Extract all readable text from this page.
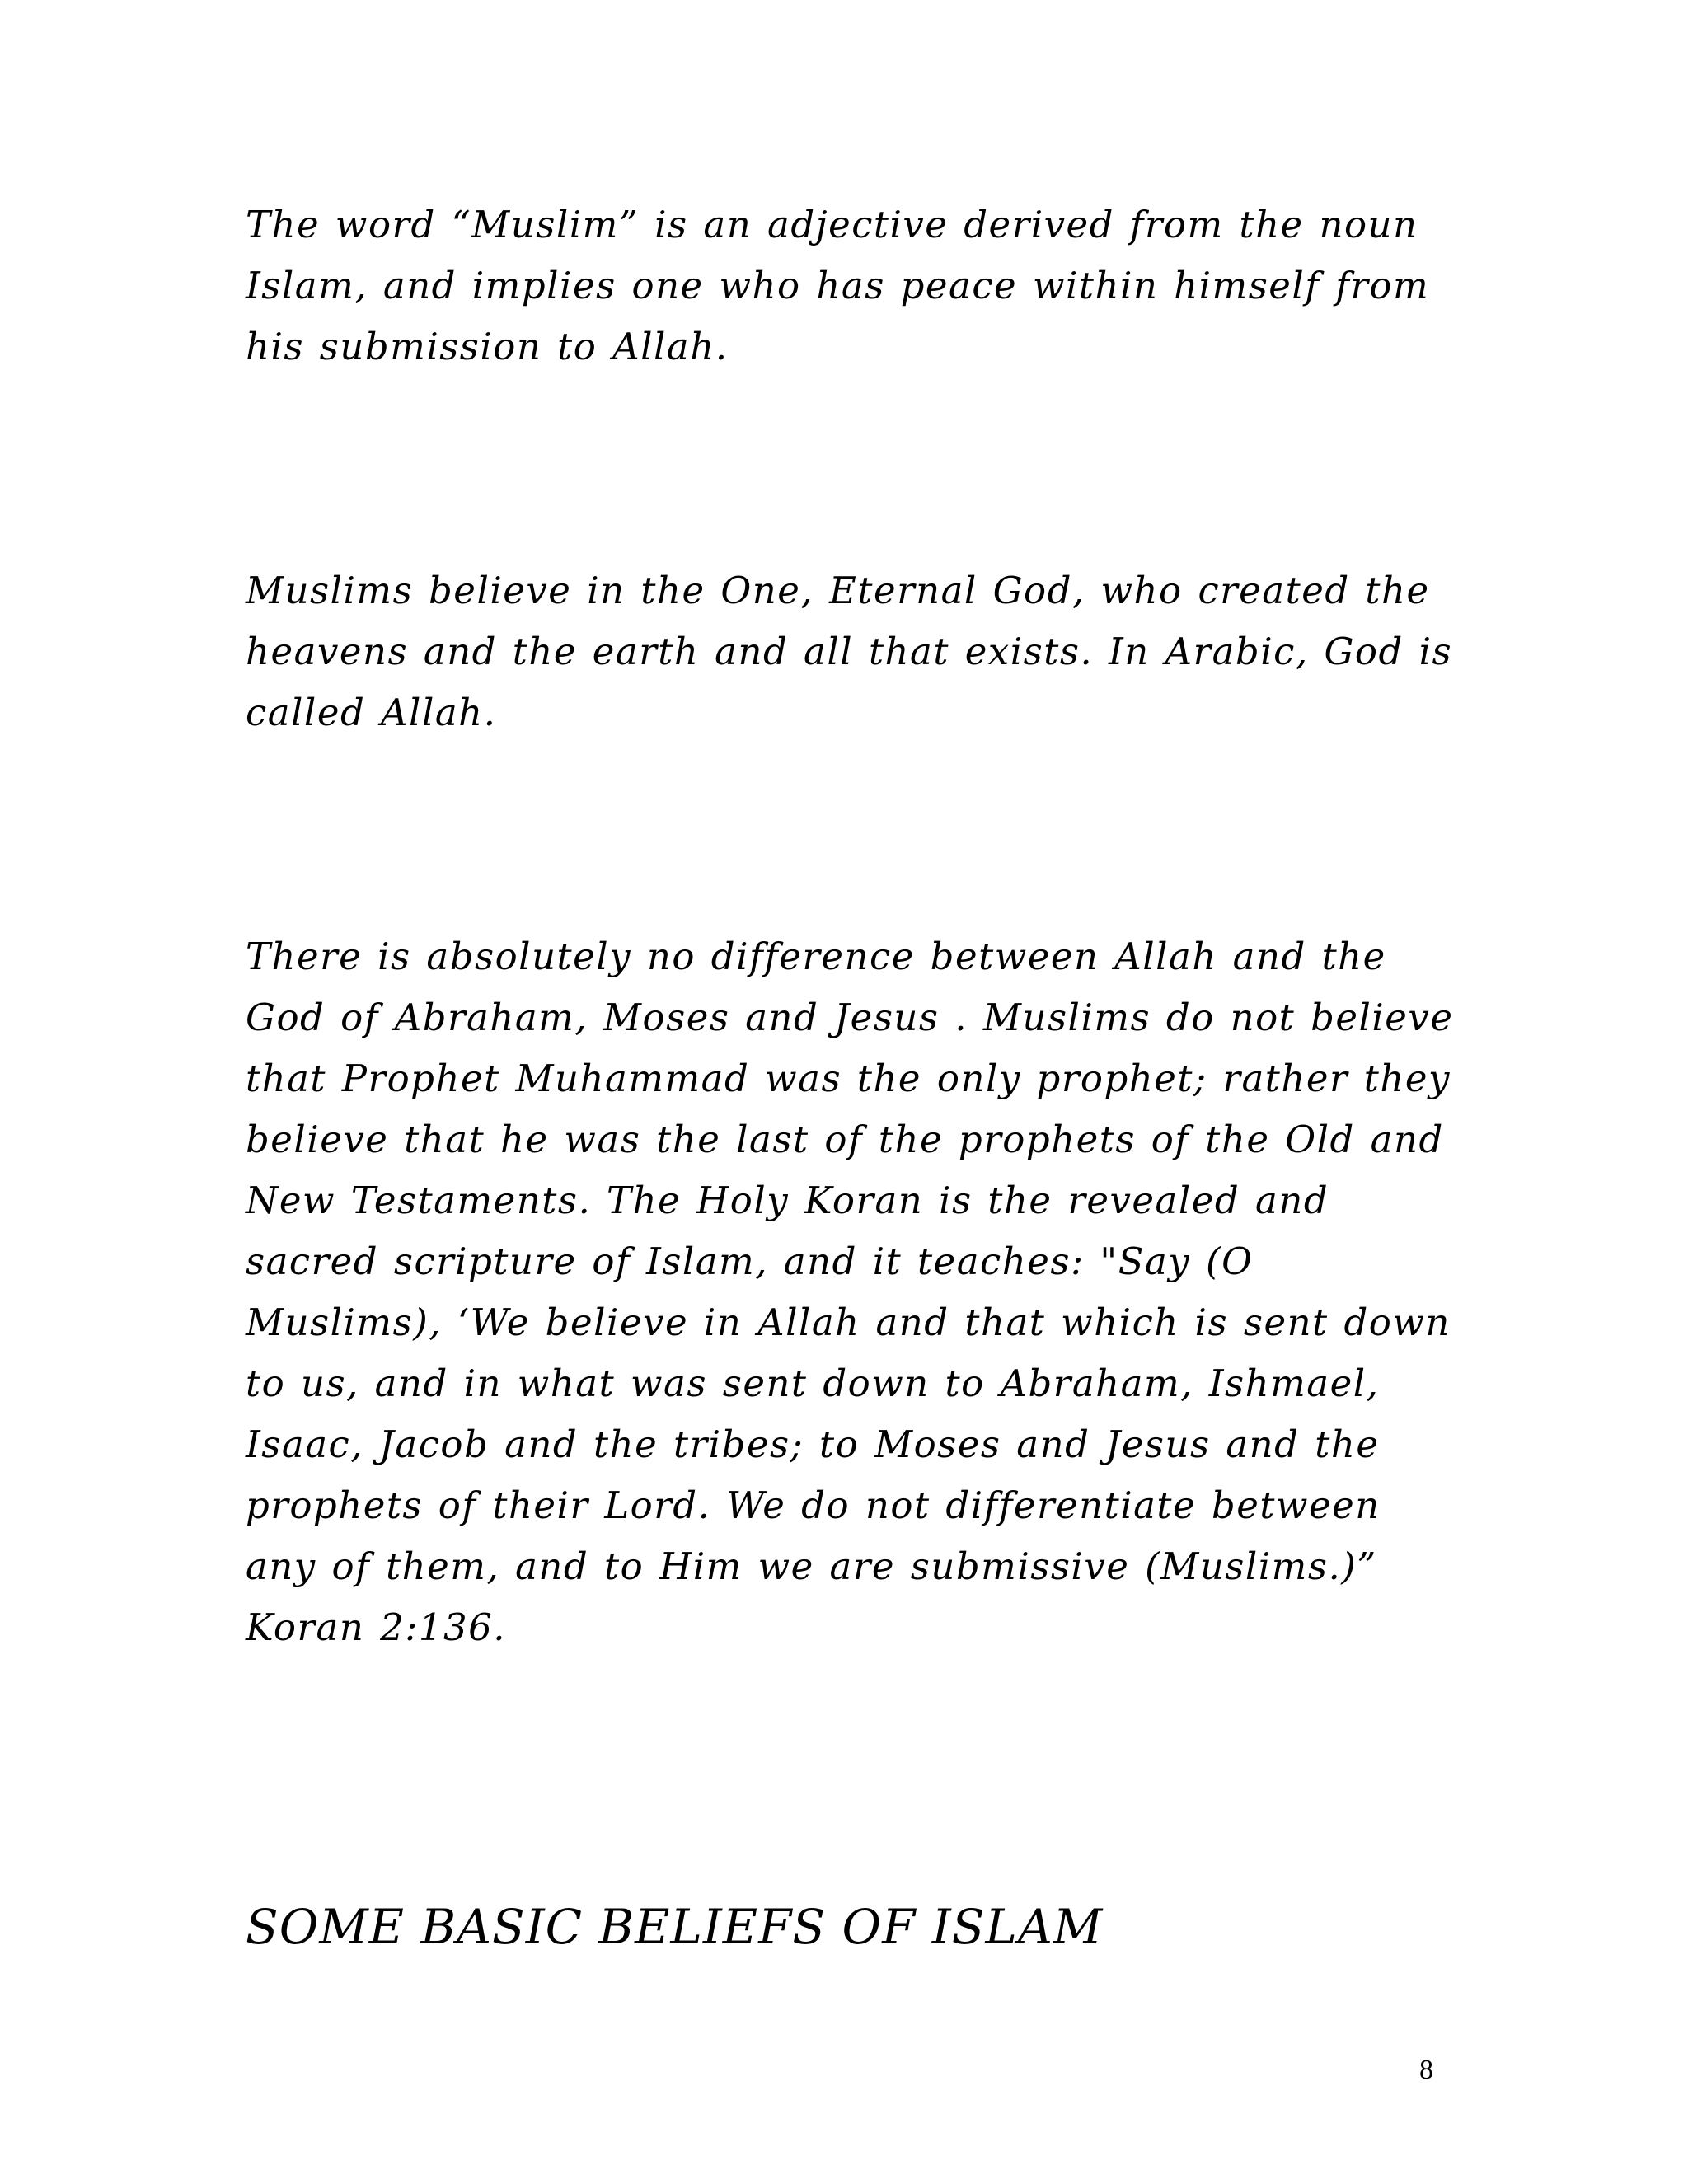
The word “Muslim” is an adjective derived from the noun Islam, and implies one who has peace within himself from his submission to Allah.

Muslims believe in the One, Eternal God, who created the heavens and the earth and all that exists. In Arabic, God is called Allah.

There is absolutely no difference between Allah and the God of Abraham, Moses and Jesus . Muslims do not believe that Prophet Muhammad was the only prophet; rather they believe that he was the last of the prophets of the Old and New Testaments. The Holy Koran is the revealed and sacred scripture of Islam, and it teaches: "Say (O Muslims), ‘We believe in Allah and that which is sent down to us, and in what was sent down to Abraham, Ishmael, Isaac, Jacob and the tribes; to Moses and Jesus and the prophets of their Lord. We do not differentiate between any of them, and to Him we are submissive (Muslims.)” Koran 2:136.

SOME BASIC BELIEFS OF ISLAM
8
